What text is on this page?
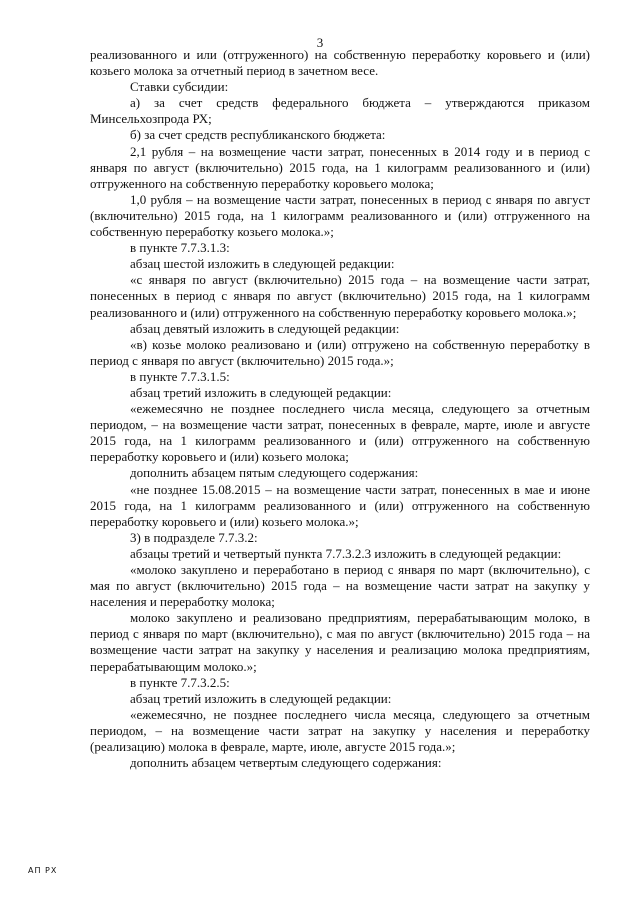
3

реализованного и или (отгруженного) на собственную переработку коровьего и (или) козьего молока за отчетный период в зачетном весе.

Ставки субсидии:

а) за счет средств федерального бюджета – утверждаются приказом Минсельхозпрода РХ;

б) за счет средств республиканского бюджета:

2,1 рубля – на возмещение части затрат, понесенных в 2014 году и в период с января по август (включительно) 2015 года, на 1 килограмм реализованного и (или) отгруженного на собственную переработку коровьего молока;

1,0 рубля – на возмещение части затрат, понесенных в период с января по август (включительно) 2015 года, на 1 килограмм реализованного и (или) отгруженного на собственную переработку козьего молока.»;

в пункте 7.7.3.1.3:

абзац шестой изложить в следующей редакции:

«с января по август (включительно) 2015 года – на возмещение части затрат, понесенных в период с января по август (включительно) 2015 года, на 1 килограмм реализованного и (или) отгруженного на собственную переработку коровьего молока.»;

абзац девятый изложить в следующей редакции:

«в) козье молоко реализовано и (или) отгружено на собственную переработку в период с января по август (включительно) 2015 года.»;

в пункте 7.7.3.1.5:

абзац третий изложить в следующей редакции:

«ежемесячно не позднее последнего числа месяца, следующего за отчетным периодом, – на возмещение части затрат, понесенных в феврале, марте, июле и августе 2015 года, на 1 килограмм реализованного и (или) отгруженного на собственную переработку коровьего и (или) козьего молока;

дополнить абзацем пятым следующего содержания:

«не позднее 15.08.2015 – на возмещение части затрат, понесенных в мае и июне 2015 года, на 1 килограмм реализованного и (или) отгруженного на собственную переработку коровьего и (или) козьего молока.»;

3) в подразделе 7.7.3.2:

абзацы третий и четвертый пункта 7.7.3.2.3 изложить в следующей редакции:

«молоко закуплено и переработано в период с января по март (включительно), с мая по август (включительно) 2015 года – на возмещение части затрат на закупку у населения и переработку молока;

молоко закуплено и реализовано предприятиям, перерабатывающим молоко, в период с января по март (включительно), с мая по август (включительно) 2015 года – на возмещение части затрат на закупку у населения и реализацию молока предприятиям, перерабатывающим молоко.»;

в пункте 7.7.3.2.5:

абзац третий изложить в следующей редакции:

«ежемесячно, не позднее последнего числа месяца, следующего за отчетным периодом, – на возмещение части затрат на закупку у населения и переработку (реализацию) молока в феврале, марте, июле, августе 2015 года.»;

дополнить абзацем четвертым следующего содержания:

АП РХ
